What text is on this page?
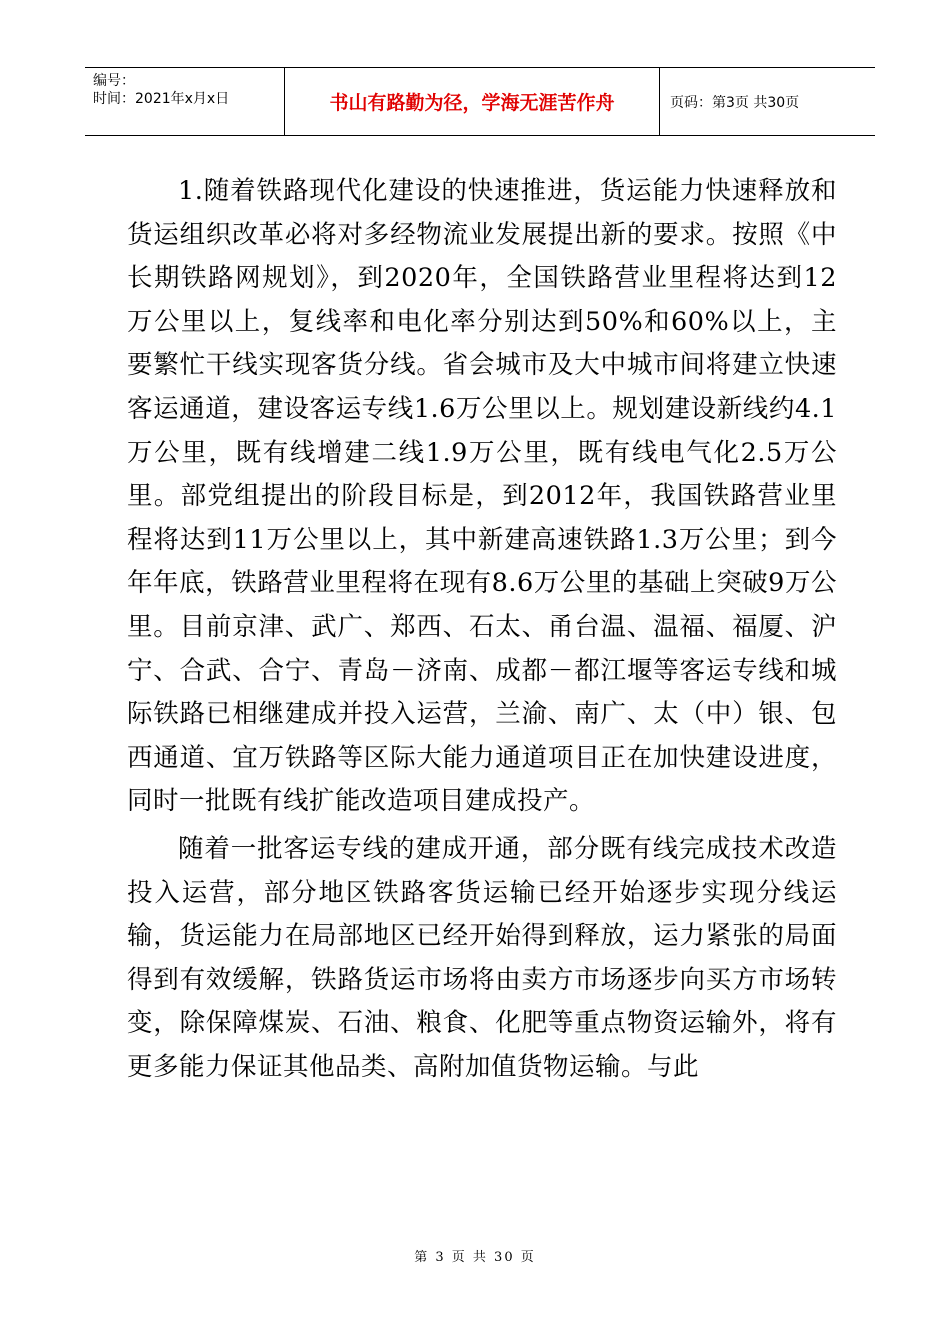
编号：
时间：2021年x月x日	书山有路勤为径，学海无涯苦作舟	页码：第3页 共30页

1.随着铁路现代化建设的快速推进，货运能力快速释放和货运组织改革必将对多经物流业发展提出新的要求。按照《中长期铁路网规划》，到2020年，全国铁路营业里程将达到12万公里以上，复线率和电化率分别达到50%和60%以上，主要繁忙干线实现客货分线。省会城市及大中城市间将建立快速客运通道，建设客运专线1.6万公里以上。规划建设新线约4.1万公里，既有线增建二线1.9万公里，既有线电气化2.5万公里。部党组提出的阶段目标是，到2012年，我国铁路营业里程将达到11万公里以上，其中新建高速铁路1.3万公里；到今年年底，铁路营业里程将在现有8.6万公里的基础上突破9万公里。目前京津、武广、郑西、石太、甬台温、温福、福厦、沪宁、合武、合宁、青岛－济南、成都－都江堰等客运专线和城际铁路已相继建成并投入运营，兰渝、南广、太（中）银、包西通道、宜万铁路等区际大能力通道项目正在加快建设进度，同时一批既有线扩能改造项目建成投产。

随着一批客运专线的建成开通，部分既有线完成技术改造投入运营，部分地区铁路客货运输已经开始逐步实现分线运输，货运能力在局部地区已经开始得到释放，运力紧张的局面得到有效缓解，铁路货运市场将由卖方市场逐步向买方市场转变，除保障煤炭、石油、粮食、化肥等重点物资运输外，将有更多能力保证其他品类、高附加值货物运输。与此

第 3 页 共 30 页
